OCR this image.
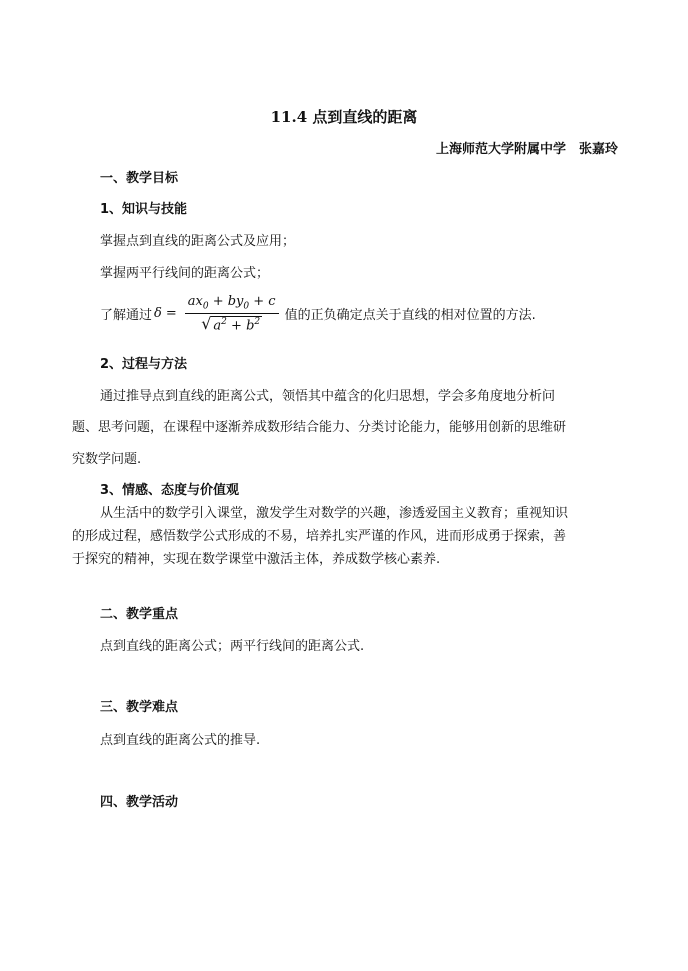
11.4 点到直线的距离
上海师范大学附属中学　张嘉玲
一、教学目标
1、知识与技能
掌握点到直线的距离公式及应用；
掌握两平行线间的距离公式；
了解通过 $\delta = \frac{ax_0 + by_0 + c}{√ a^2 + b^2}$ 值的正负确定点关于直线的相对位置的方法.
2、过程与方法
通过推导点到直线的距离公式，领悟其中蕴含的化归思想，学会多角度地分析问
题、思考问题，在课程中逐渐养成数形结合能力、分类讨论能力，能够用创新的思维研
究数学问题.
3、情感、态度与价值观
从生活中的数学引入课堂，激发学生对数学的兴趣，渗透爱国主义教育；重视知识
的形成过程，感悟数学公式形成的不易，培养扎实严谨的作风，进而形成勇于探索，善
于探究的精神，实现在数学课堂中激活主体，养成数学核心素养.
二、教学重点
点到直线的距离公式；两平行线间的距离公式.
三、教学难点
点到直线的距离公式的推导.
四、教学活动
